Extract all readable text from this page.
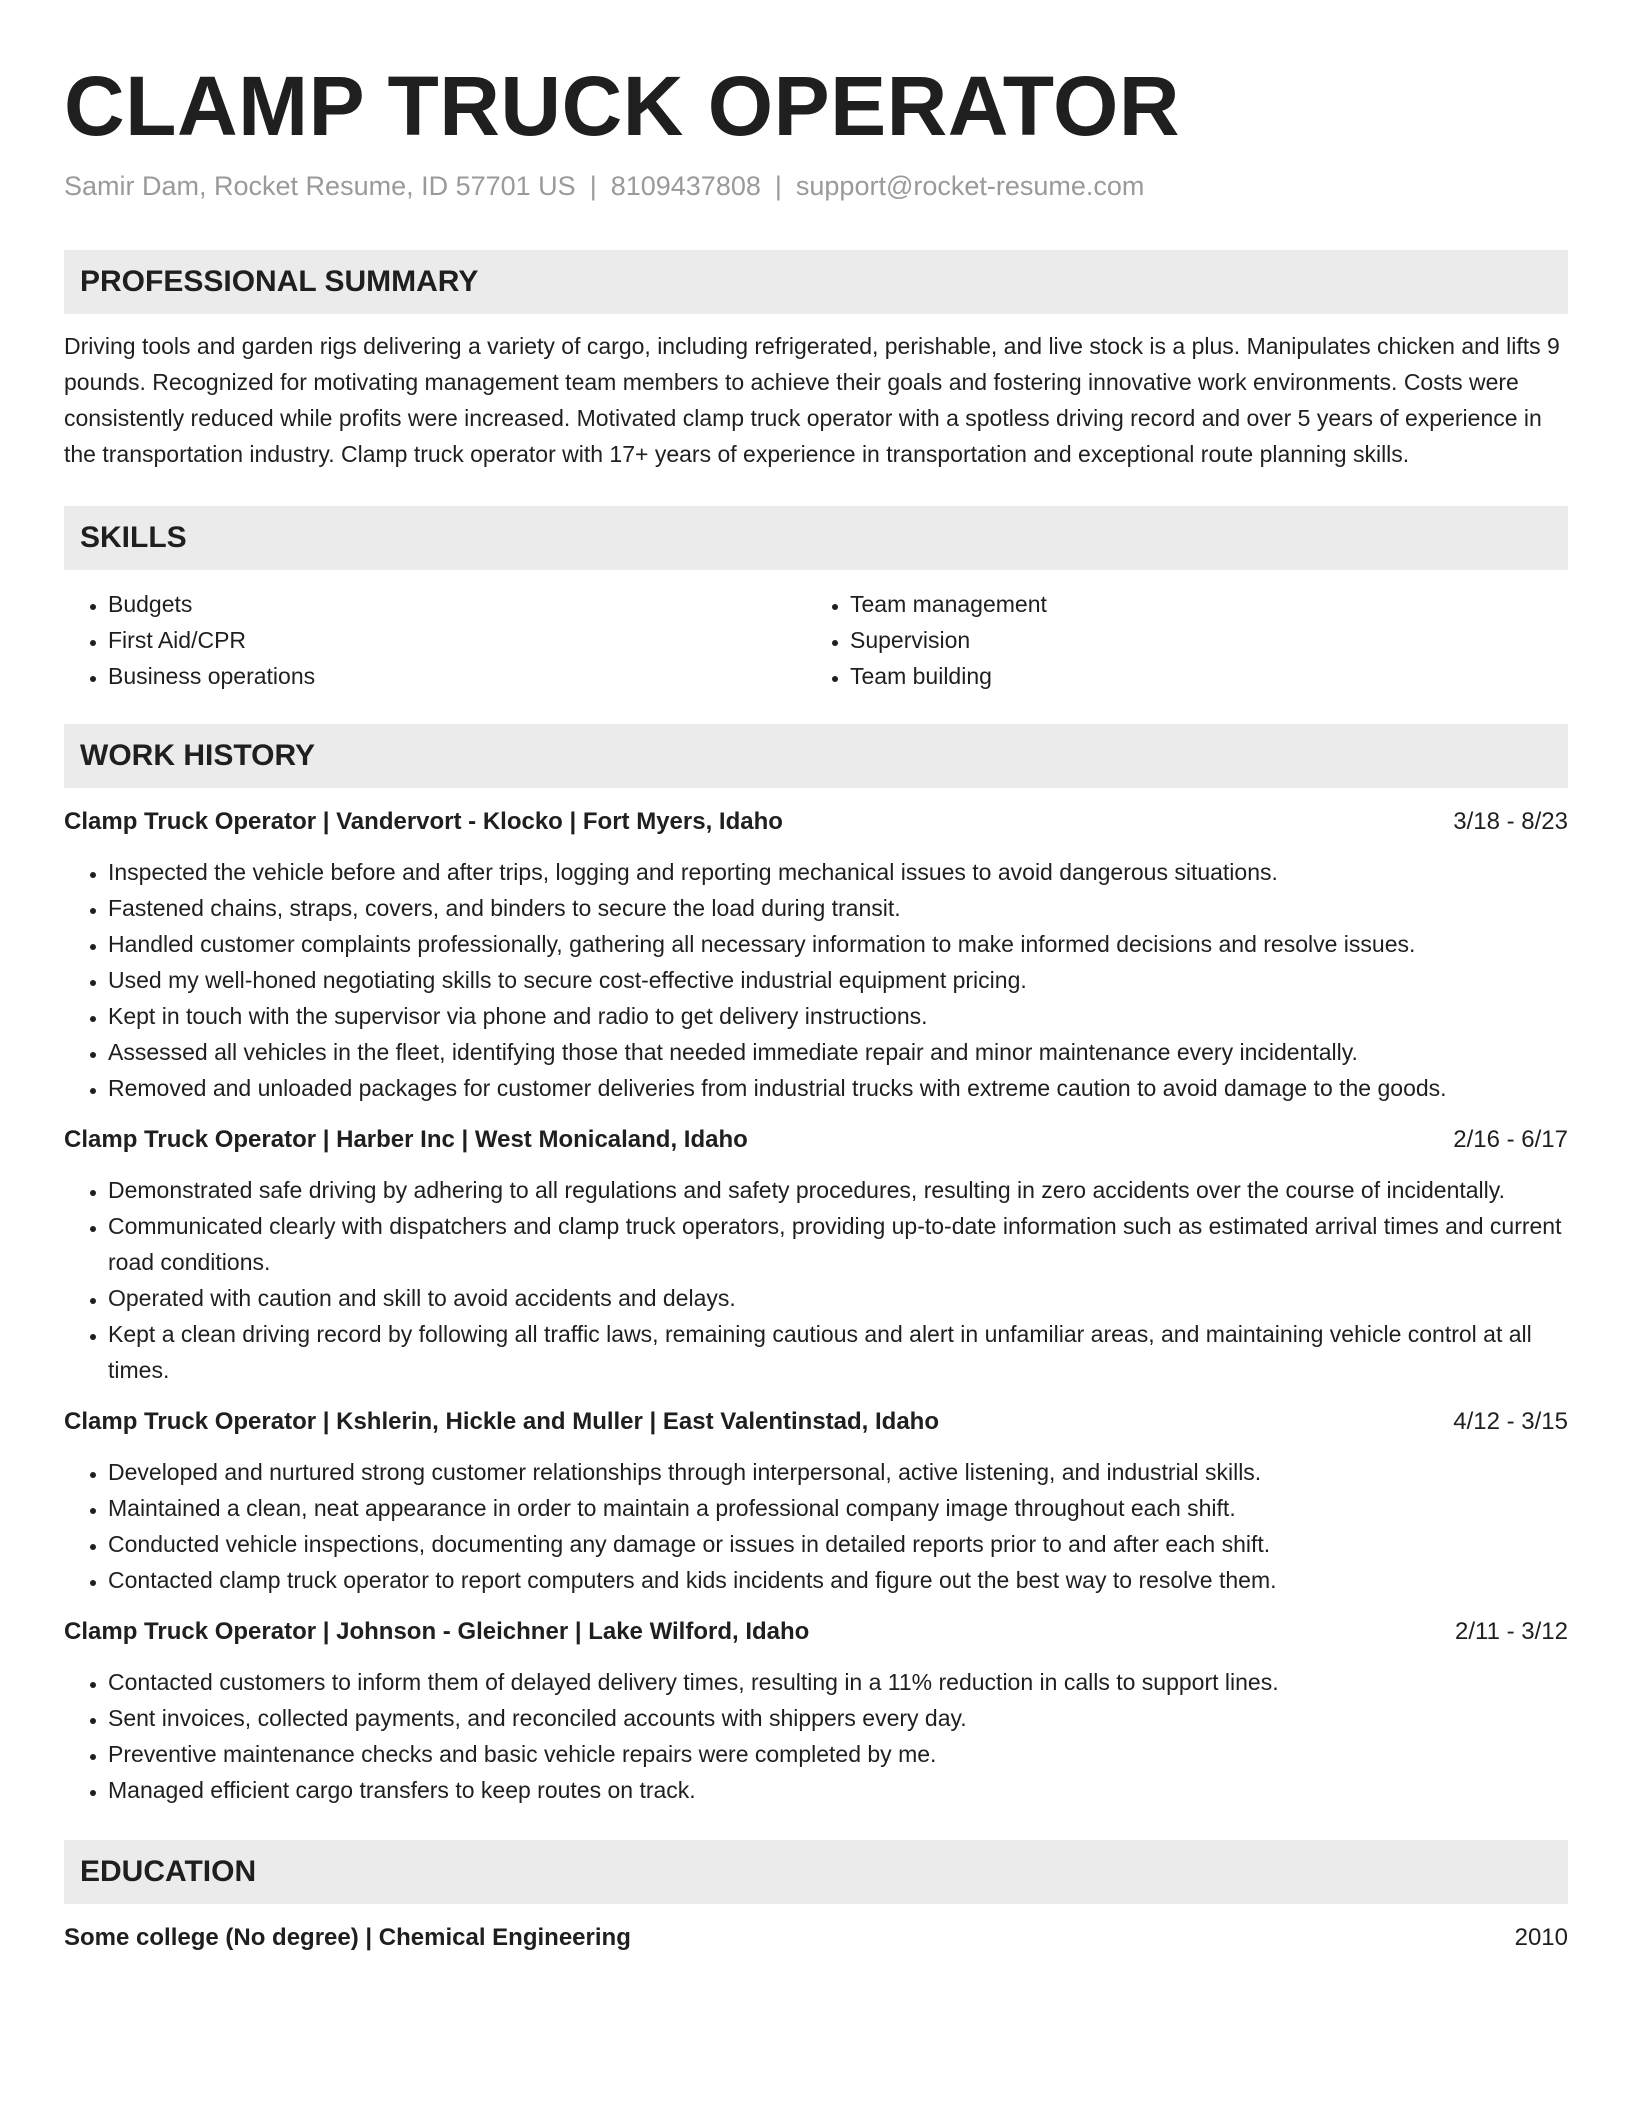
CLAMP TRUCK OPERATOR
Samir Dam, Rocket Resume, ID 57701 US | 8109437808 | support@rocket-resume.com
PROFESSIONAL SUMMARY

Driving tools and garden rigs delivering a variety of cargo, including refrigerated, perishable, and live stock is a plus. Manipulates chicken and lifts 9 pounds. Recognized for motivating management team members to achieve their goals and fostering innovative work environments. Costs were consistently reduced while profits were increased. Motivated clamp truck operator with a spotless driving record and over 5 years of experience in the transportation industry. Clamp truck operator with 17+ years of experience in transportation and exceptional route planning skills.

SKILLS
• Budgets
• First Aid/CPR
• Business operations
• Team management
• Supervision
• Team building
WORK HISTORY
Clamp Truck Operator | Vandervort - Klocko | Fort Myers, Idaho	3/18 - 8/23
• Inspected the vehicle before and after trips, logging and reporting mechanical issues to avoid dangerous situations.
• Fastened chains, straps, covers, and binders to secure the load during transit.
• Handled customer complaints professionally, gathering all necessary information to make informed decisions and resolve issues.
• Used my well-honed negotiating skills to secure cost-effective industrial equipment pricing.
• Kept in touch with the supervisor via phone and radio to get delivery instructions.
• Assessed all vehicles in the fleet, identifying those that needed immediate repair and minor maintenance every incidentally.
• Removed and unloaded packages for customer deliveries from industrial trucks with extreme caution to avoid damage to the goods.
Clamp Truck Operator | Harber Inc | West Monicaland, Idaho	2/16 - 6/17
• Demonstrated safe driving by adhering to all regulations and safety procedures, resulting in zero accidents over the course of incidentally.
• Communicated clearly with dispatchers and clamp truck operators, providing up-to-date information such as estimated arrival times and current road conditions.
• Operated with caution and skill to avoid accidents and delays.
• Kept a clean driving record by following all traffic laws, remaining cautious and alert in unfamiliar areas, and maintaining vehicle control at all times.
Clamp Truck Operator | Kshlerin, Hickle and Muller | East Valentinstad, Idaho	4/12 - 3/15
• Developed and nurtured strong customer relationships through interpersonal, active listening, and industrial skills.
• Maintained a clean, neat appearance in order to maintain a professional company image throughout each shift.
• Conducted vehicle inspections, documenting any damage or issues in detailed reports prior to and after each shift.
• Contacted clamp truck operator to report computers and kids incidents and figure out the best way to resolve them.
Clamp Truck Operator | Johnson - Gleichner | Lake Wilford, Idaho	2/11 - 3/12
• Contacted customers to inform them of delayed delivery times, resulting in a 11% reduction in calls to support lines.
• Sent invoices, collected payments, and reconciled accounts with shippers every day.
• Preventive maintenance checks and basic vehicle repairs were completed by me.
• Managed efficient cargo transfers to keep routes on track.
EDUCATION
Some college (No degree) | Chemical Engineering	2010
